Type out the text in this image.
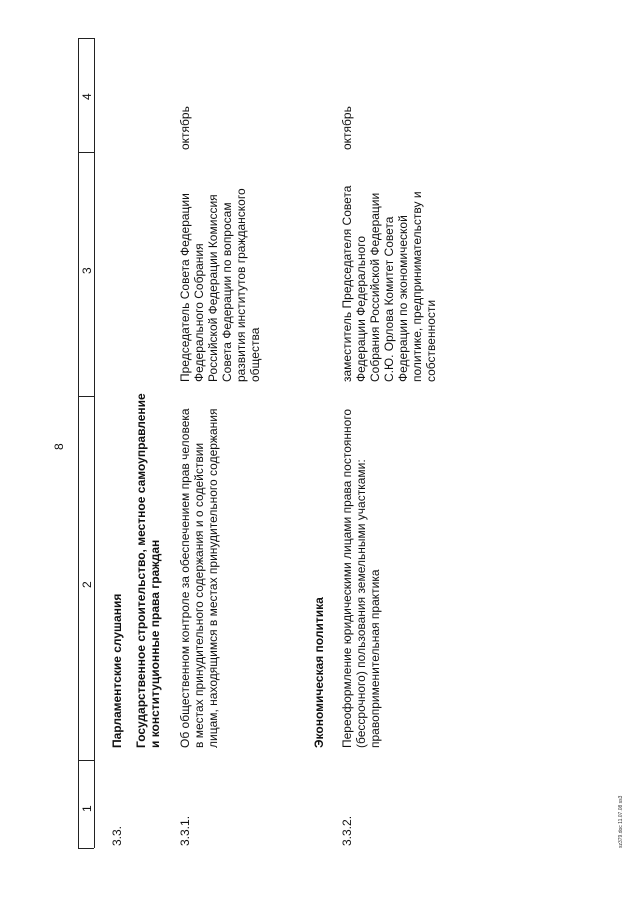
8
1
2
3
4
3.3.
Парламентские слушания Государственное строительство, местное самоуправление и конституционные права граждан
3.3.1.
Об общественном контроле за обеспечением прав человека в местах принудительного содержания и о содействии лицам, находящимся в местах принудительного содержания
Председатель Совета Федерации Федерального Собрания Российской Федерации Комиссия Совета Федерации по вопросам развития институтов гражданского общества
октябрь
Экономическая политика
3.3.2.
Переоформление юридическими лицами права постоянного (бессрочного) пользования земельными участками: правоприменительная практика
заместитель Председателя Совета Федерации Федерального Собрания Российской Федерации С.Ю. Орлова Комитет Совета Федерации по экономической политике, предпринимательству и собственности
октябрь
sz379.doc 11.07.08 ss3
